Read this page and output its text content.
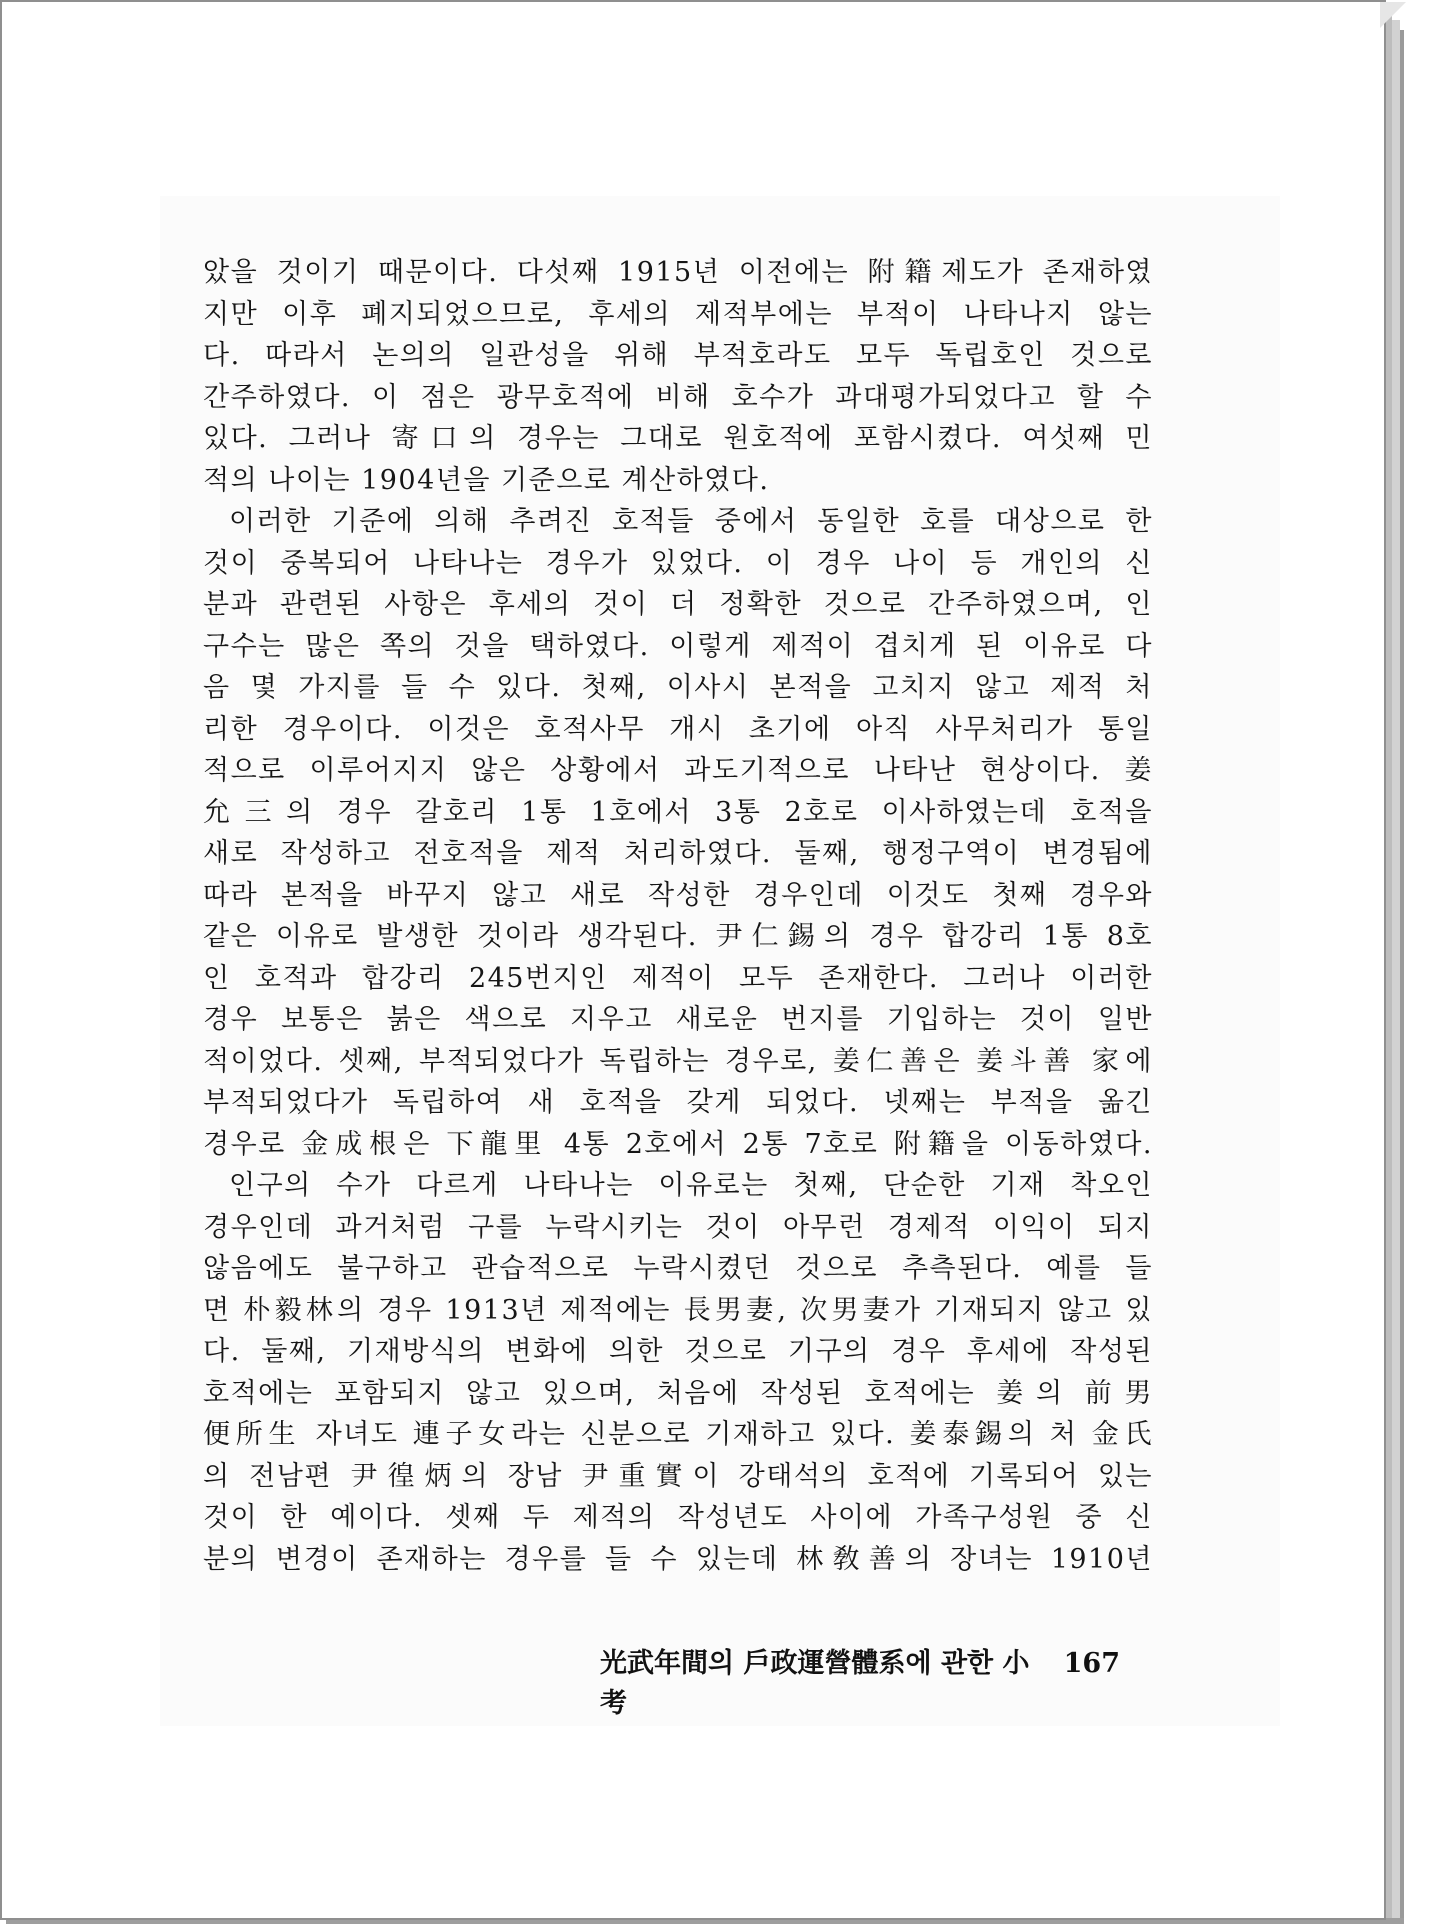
았을 것이기 때문이다. 다섯째 1915년 이전에는 附籍제도가 존재하였
지만 이후 폐지되었으므로, 후세의 제적부에는 부적이 나타나지 않는
다. 따라서 논의의 일관성을 위해 부적호라도 모두 독립호인 것으로
간주하였다. 이 점은 광무호적에 비해 호수가 과대평가되었다고 할 수
있다. 그러나 寄口의 경우는 그대로 원호적에 포함시켰다. 여섯째 민
적의 나이는 1904년을 기준으로 계산하였다.
이러한 기준에 의해 추려진 호적들 중에서 동일한 호를 대상으로 한
것이 중복되어 나타나는 경우가 있었다. 이 경우 나이 등 개인의 신
분과 관련된 사항은 후세의 것이 더 정확한 것으로 간주하였으며, 인
구수는 많은 쪽의 것을 택하였다. 이렇게 제적이 겹치게 된 이유로 다
음 몇 가지를 들 수 있다. 첫째, 이사시 본적을 고치지 않고 제적 처
리한 경우이다. 이것은 호적사무 개시 초기에 아직 사무처리가 통일
적으로 이루어지지 않은 상황에서 과도기적으로 나타난 현상이다. 姜
允三의 경우 갈호리 1통 1호에서 3통 2호로 이사하였는데 호적을
새로 작성하고 전호적을 제적 처리하였다. 둘째, 행정구역이 변경됨에
따라 본적을 바꾸지 않고 새로 작성한 경우인데 이것도 첫째 경우와
같은 이유로 발생한 것이라 생각된다. 尹仁錫의 경우 합강리 1통 8호
인 호적과 합강리 245번지인 제적이 모두 존재한다. 그러나 이러한
경우 보통은 붉은 색으로 지우고 새로운 번지를 기입하는 것이 일반
적이었다. 셋째, 부적되었다가 독립하는 경우로, 姜仁善은 姜斗善 家에
부적되었다가 독립하여 새 호적을 갖게 되었다. 넷째는 부적을 옮긴
경우로 金成根은 下龍里 4통 2호에서 2통 7호로 附籍을 이동하였다.
인구의 수가 다르게 나타나는 이유로는 첫째, 단순한 기재 착오인
경우인데 과거처럼 구를 누락시키는 것이 아무런 경제적 이익이 되지
않음에도 불구하고 관습적으로 누락시켰던 것으로 추측된다. 예를 들
면 朴毅林의 경우 1913년 제적에는 長男妻, 次男妻가 기재되지 않고 있
다. 둘째, 기재방식의 변화에 의한 것으로 기구의 경우 후세에 작성된
호적에는 포함되지 않고 있으며, 처음에 작성된 호적에는 姜의 前男
便所生 자녀도 連子女라는 신분으로 기재하고 있다. 姜泰錫의 처 金氏
의 전남편 尹徨炳의 장남 尹重實이 강태석의 호적에 기록되어 있는
것이 한 예이다. 셋째 두 제적의 작성년도 사이에 가족구성원 중 신
분의 변경이 존재하는 경우를 들 수 있는데 林敎善의 장녀는 1910년
光武年間의 戶政運營體系에 관한 小考
167
